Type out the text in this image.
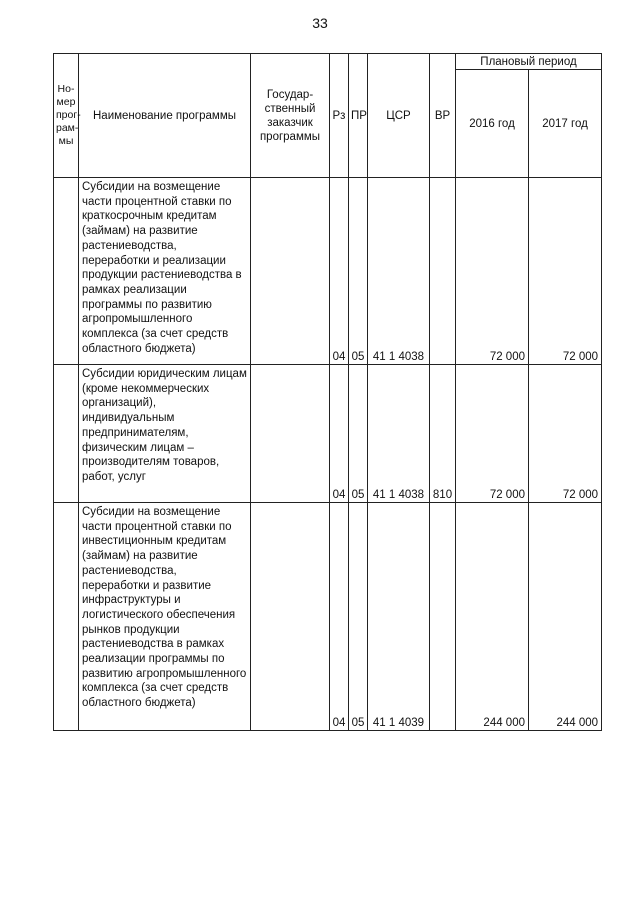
33
Но-
мер
прог-
рам-
мы	Наименование программы	Государ-
ственный
заказчик
программы	Рз	ПР	ЦСР	ВР	Плановый период	
							2016 год	2017 год
	Субсидии на возмещение части процентной ставки по краткосрочным кредитам (займам) на развитие растениеводства, переработки и реализации продукции растениеводства в рамках реализации программы по развитию агропромышленного комплекса (за счет средств областного бюджета)		04	05	41 1 4038		72 000	72 000
	Субсидии юридическим лицам (кроме некоммерческих организаций), индивидуальным предпринимателям, физическим лицам – производителям товаров, работ, услуг		04	05	41 1 4038	810	72 000	72 000
	Субсидии на возмещение части процентной ставки по инвестиционным кредитам (займам) на развитие растениеводства, переработки и развитие инфраструктуры и логистического обеспечения рынков продукции растениеводства в рамках реализации программы по развитию агропромышленного комплекса (за счет средств областного бюджета)		04	05	41 1 4039		244 000	244 000
